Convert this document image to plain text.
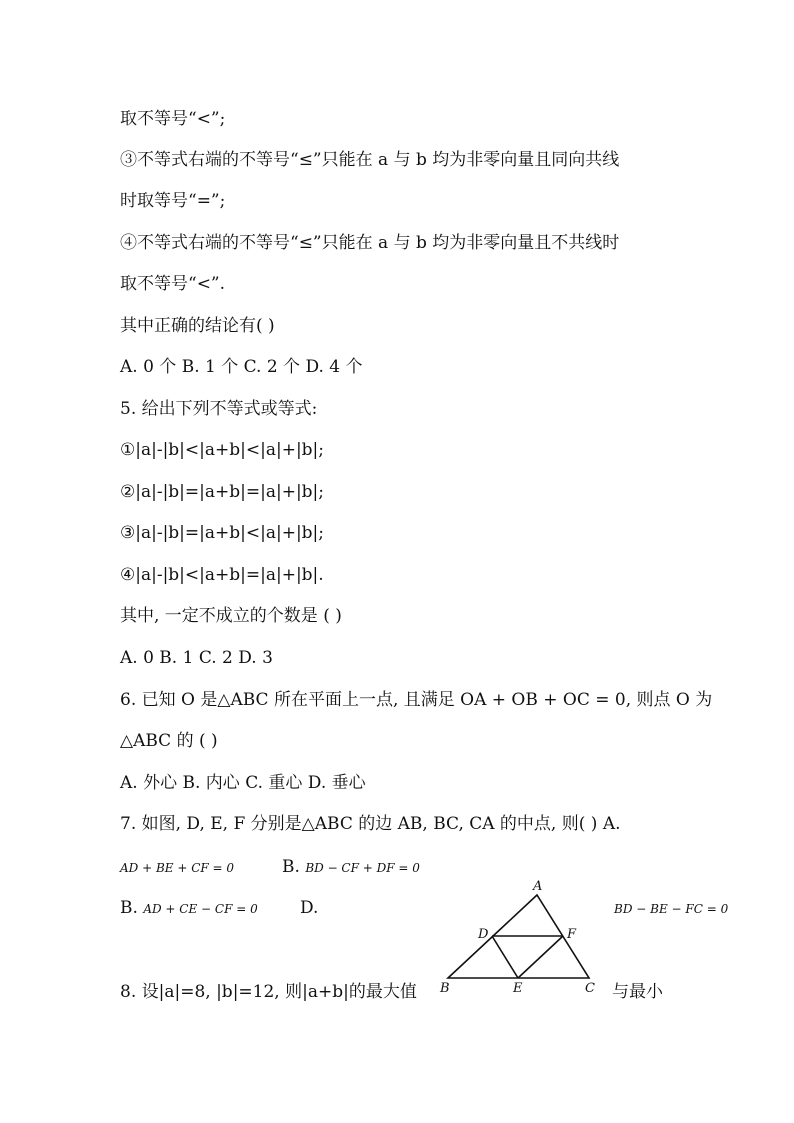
取不等号“<”;
③不等式右端的不等号“≤”只能在 a 与 b 均为非零向量且同向共线
时取等号“=”;
④不等式右端的不等号“≤”只能在 a 与 b 均为非零向量且不共线时
取不等号“<”.
其中正确的结论有( )
A. 0 个 B. 1 个 C. 2 个 D. 4 个
5. 给出下列不等式或等式:
①|a|-|b|<|a+b|<|a|+|b|;
②|a|-|b|=|a+b|=|a|+|b|;
③|a|-|b|=|a+b|<|a|+|b|;
④|a|-|b|<|a+b|=|a|+|b|.
其中, 一定不成立的个数是 ( )
A. 0 B. 1 C. 2 D. 3
6. 已知 O 是△ABC 所在平面上一点, 且满足 OA + OB + OC = 0, 则点 O 为
△ABC 的 ( )
A. 外心 B. 内心 C. 重心 D. 垂心
7. 如图, D, E, F 分别是△ABC 的边 AB, BC, CA 的中点, 则( ) A.
AD + BE + CF = 0	B. BD − CF + DF = 0
B. AD + CE − CF = 0 D.	BD − BE − FC = 0
8. 设|a|=8, |b|=12, 则|a+b|的最大值	与最小
A
B	C
D
E
F
